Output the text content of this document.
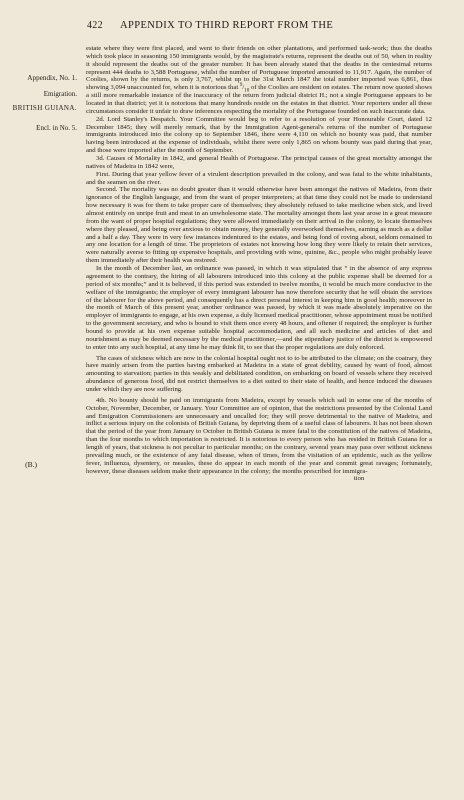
422 APPENDIX TO THIRD REPORT FROM THE
Appendix, No. 1.
Emigration.
BRITISH GUIANA.
Encl. in No. 5.
(B.)

estate where they were first placed, and went to their friends on other plantations, and performed task-work; thus the deaths which took place in seasoning 150 immigrants would, by the magistrate's returns, represent the deaths out of 50, when in reality it should represent the deaths out of the greater number. It has been already stated that the deaths in the centesimal returns represent 444 deaths to 3,588 Portuguese, whilst the number of Portuguese imported amounted to 11,917. Again, the number of Coolies, shown by the returns, is only 3,767, whilst up to the 31st March 1847 the total number imported was 6,861, thus showing 3,094 unaccounted for, when it is notorious that $^9/_{10}$ of the Coolies are resident on estates. The return now quoted shows a still more remarkable instance of the inaccuracy of the return from judicial district H.; not a single Portuguese appears to be located in that district; yet it is notorious that many hundreds reside on the estates in that district. Your reporters under all these circumstances consider it unfair to draw inferences respecting the mortality of the Portuguese founded on such inaccurate data.

2d. Lord Stanley's Despatch. Your Committee would beg to refer to a resolution of your Honourable Court, dated 12 December 1845; they will merely remark, that by the Immigration Agent-general's returns of the number of Portuguese immigrants introduced into the colony up to September 1846, there were 4,110 on which no bounty was paid, that number having been introduced at the expense of individuals, whilst there were only 1,865 on whom bounty was paid during that year, and those were imported after the month of September.

3d. Causes of Mortality in 1842, and general Health of Portuguese. The principal causes of the great mortality amongst the natives of Madeira in 1842 were,

First. During that year yellow fever of a virulent description prevailed in the colony, and was fatal to the white inhabitants, and the seamen on the river.

Second. The mortality was no doubt greater than it would otherwise have been amongst the natives of Madeira, from their ignorance of the English language, and from the want of proper interpreters; at that time they could not be made to understand how necessary it was for them to take proper care of themselves; they absolutely refused to take medicine when sick, and lived almost entirely on unripe fruit and meat in an unwholesome state. The mortality amongst them last year arose in a great measure from the want of proper hospital regulations; they were allowed immediately on their arrival in the colony, to locate themselves where they pleased, and being over anxious to obtain money, they generally overworked themselves, earning as much as a dollar and a half a day. They were in very few instances indentured to the estates, and being fond of roving about, seldom remained in any one location for a length of time. The proprietors of estates not knowing how long they were likely to retain their services, were naturally averse to fitting up expensive hospitals, and providing with wine, quinine, &c., people who might probably leave them immediately after their health was restored.

In the month of December last, an ordinance was passed, in which it was stipulated that “ in the absence of any express agreement to the contrary, the hiring of all labourers introduced into this colony at the public expense shall be deemed for a period of six months;” and it is believed, if this period was extended to twelve months, it would be much more conducive to the welfare of the immigrants; the employer of every immigrant labourer has now therefore security that he will obtain the services of the labourer for the above period, and consequently has a direct personal interest in keeping him in good health; moreover in the month of March of this present year, another ordinance was passed, by which it was made absolutely imperative on the employer of immigrants to engage, at his own expense, a duly licensed medical practitioner, whose appointment must be notified to the government secretary, and who is bound to visit them once every 48 hours, and oftener if required; the employer is further bound to provide at his own expense suitable hospital accommodation, and all such medicine and articles of diet and nourishment as may be deemed necessary by the medical practitioner,—and the stipendiary justice of the district is empowered to enter into any such hospital, at any time he may think fit, to see that the proper regulations are duly enforced.

The cases of sickness which are now in the colonial hospital ought not to to be attributed to the climate; on the coatrary, they have mainly arisen from the parties having embarked at Madeira in a state of great debility, caused by want of food, almost amounting to starvation; parties in this weakly and debilitated condition, on embarking on board of vessels where they received abundance of generous food, did not restrict themselves to a diet suited to their state of health, and hence induced the diseases under which they are now suffering.

4th. No bounty should be paid on immigrants from Madeira, except by vessels which sail in some one of the months of October, November, December, or January. Your Committee are of opinion, that the restrictions presented by the Colonial Land and Emigration Commissioners are unnecessary and uncalled for; they will prove detrimental to the native of Madeira, and inflict a serious injury on the colonists of British Guiana, by depriving them of a useful class of labourers. It has not been shown that the period of the year from January to October in British Guiana is more fatal to the constitution of the natives of Madeira, than the four months to which importation is restricted. It is notorious to every person who has resided in British Guiana for a length of years, that sickness is not peculiar to particular months; on the contrary, several years may pass over without sickness prevailing much, or the existence of any fatal disease, when of times, from the visitation of an epidemic, such as the yellow fever, influenza, dysentery, or measles, these do appear in each month of the year and commit great ravages; fortunately, however, these diseases seldom make their appearance in the colony; the months prescribed for immigra-

tion
